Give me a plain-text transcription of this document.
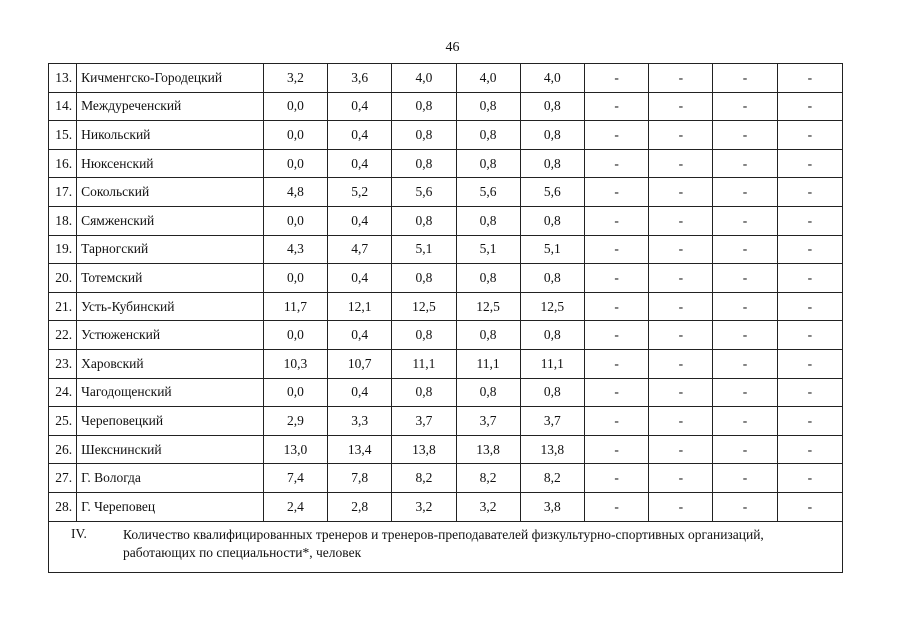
46
13.	Кичменгско-Городецкий	3,2	3,6	4,0	4,0	4,0	-	-	-	-
14.	Междуреченский	0,0	0,4	0,8	0,8	0,8	-	-	-	-
15.	Никольский	0,0	0,4	0,8	0,8	0,8	-	-	-	-
16.	Нюксенский	0,0	0,4	0,8	0,8	0,8	-	-	-	-
17.	Сокольский	4,8	5,2	5,6	5,6	5,6	-	-	-	-
18.	Сямженский	0,0	0,4	0,8	0,8	0,8	-	-	-	-
19.	Тарногский	4,3	4,7	5,1	5,1	5,1	-	-	-	-
20.	Тотемский	0,0	0,4	0,8	0,8	0,8	-	-	-	-
21.	Усть-Кубинский	11,7	12,1	12,5	12,5	12,5	-	-	-	-
22.	Устюженский	0,0	0,4	0,8	0,8	0,8	-	-	-	-
23.	Харовский	10,3	10,7	11,1	11,1	11,1	-	-	-	-
24.	Чагодощенский	0,0	0,4	0,8	0,8	0,8	-	-	-	-
25.	Череповецкий	2,9	3,3	3,7	3,7	3,7	-	-	-	-
26.	Шекснинский	13,0	13,4	13,8	13,8	13,8	-	-	-	-
27.	Г. Вологда	7,4	7,8	8,2	8,2	8,2	-	-	-	-
28.	Г. Череповец	2,4	2,8	3,2	3,2	3,8	-	-	-	-

IV. Количество квалифицированных тренеров и тренеров-преподавателей физкультурно-спортивных организаций, работающих по специальности*, человек										
